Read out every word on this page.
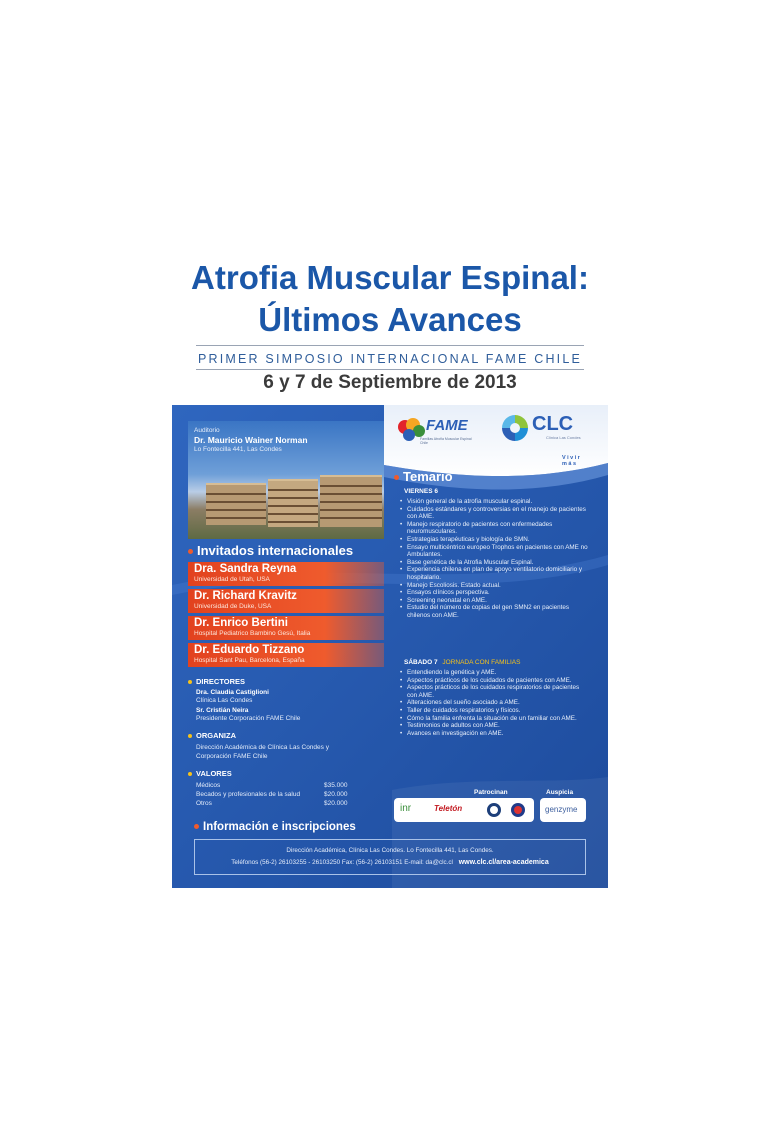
Atrofia Muscular Espinal:
Últimos Avances
PRIMER SIMPOSIO INTERNACIONAL FAME CHILE
6 y 7 de Septiembre de 2013
Auditorio
Dr. Mauricio Wainer Norman
Lo Fontecilla 441, Las Condes
FAME
Familias Atrofia Muscular Espinal Chile
CLC
Clínica Las Condes
Vivir más
Invitados internacionales
Dra. Sandra Reyna
Universidad de Utah, USA
Dr. Richard Kravitz
Universidad de Duke, USA
Dr. Enrico Bertini
Hospital Pediatrico Bambino Gesú, Italia
Dr. Eduardo Tizzano
Hospital Sant Pau, Barcelona, España
DIRECTORES
Dra. Claudia Castiglioni
Clínica Las Condes
Sr. Cristián Neira
Presidente Corporación FAME Chile
ORGANIZA
Dirección Académica de Clínica Las Condes y
Corporación FAME Chile
VALORES
Médicos	$35.000
Becados y profesionales de la salud	$20.000
Otros	$20.000
Temario
VIERNES 6
• Visión general de la atrofia muscular espinal.
• Cuidados estándares y controversias en el manejo de pacientes con AME.
• Manejo respiratorio de pacientes con enfermedades neuromusculares.
• Estrategias terapéuticas y biología de SMN.
• Ensayo multicéntrico europeo Trophos en pacientes con AME no Ambulantes.
• Base genética de la Atrofia Muscular Espinal.
• Experiencia chilena en plan de apoyo ventilatorio domiciliario y hospitalario.
• Manejo Escoliosis. Estado actual.
• Ensayos clínicos perspectiva.
• Screening neonatal en AME.
• Estudio del número de copias del gen SMN2 en pacientes chilenos con AME.
SÁBADO 7 JORNADA CON FAMILIAS
• Entendiendo la genética y AME.
• Aspectos prácticos de los cuidados de pacientes con AME.
• Aspectos prácticos de los cuidados respiratorios de pacientes con AME.
• Alteraciones del sueño asociado a AME.
• Taller de cuidados respiratorios y físicos.
• Cómo la familia enfrenta la situación de un familiar con AME.
• Testimonios de adultos con AME.
• Avances en investigación en AME.
Patrocinan	Auspicia
inr	Teletón	genzyme
Información e inscripciones
Dirección Académica, Clínica Las Condes. Lo Fontecilla 441, Las Condes.
Teléfonos (56-2) 26103255 - 26103250 Fax: (56-2) 26103151 E-mail: da@clc.cl www.clc.cl/area-academica
